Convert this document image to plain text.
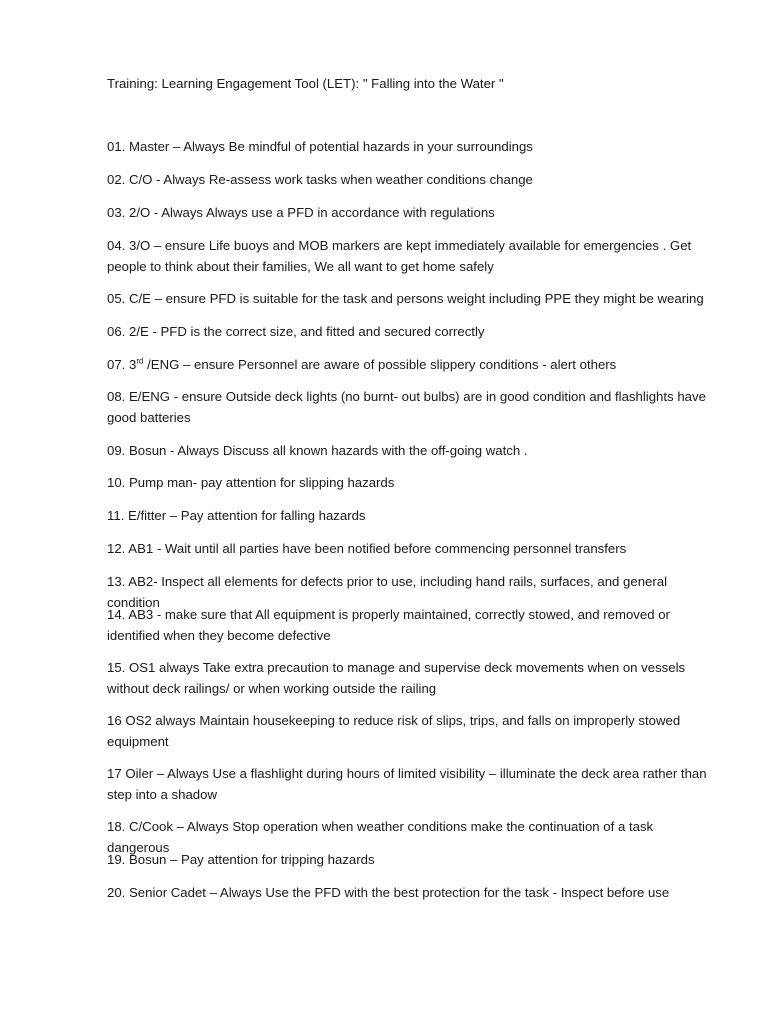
Training: Learning Engagement Tool (LET): " Falling into the Water "
01. Master – Always Be mindful of potential hazards in your surroundings
02. C/O - Always Re-assess work tasks when weather conditions change
03. 2/O - Always Always use a PFD in accordance with regulations
04. 3/O – ensure Life buoys and MOB markers are kept immediately available for emergencies . Get people to think about their families, We all want to get home safely
05. C/E – ensure PFD is suitable for the task and persons weight including PPE they might be wearing
06. 2/E - PFD is the correct size, and fitted and secured correctly
07. 3rd /ENG – ensure Personnel are aware of possible slippery conditions - alert others
08. E/ENG - ensure Outside deck lights (no burnt- out bulbs) are in good condition and flashlights have good batteries
09. Bosun - Always Discuss all known hazards with the off-going watch .
10. Pump man- pay attention for slipping hazards
11. E/fitter – Pay attention for falling hazards
12. AB1 - Wait until all parties have been notified before commencing personnel transfers
13. AB2- Inspect all elements for defects prior to use, including hand rails, surfaces, and general condition
14. AB3 - make sure that All equipment is properly maintained, correctly stowed, and removed or identified when they become defective
15. OS1 always Take extra precaution to manage and supervise deck movements when on vessels without deck railings/ or when working outside the railing
16 OS2 always Maintain housekeeping to reduce risk of slips, trips, and falls on improperly stowed equipment
17 Oiler – Always Use a flashlight during hours of limited visibility – illuminate the deck area rather than step into a shadow
18. C/Cook – Always Stop operation when weather conditions make the continuation of a task dangerous
19. Bosun – Pay attention for tripping hazards
20. Senior Cadet – Always Use the PFD with the best protection for the task - Inspect before use
